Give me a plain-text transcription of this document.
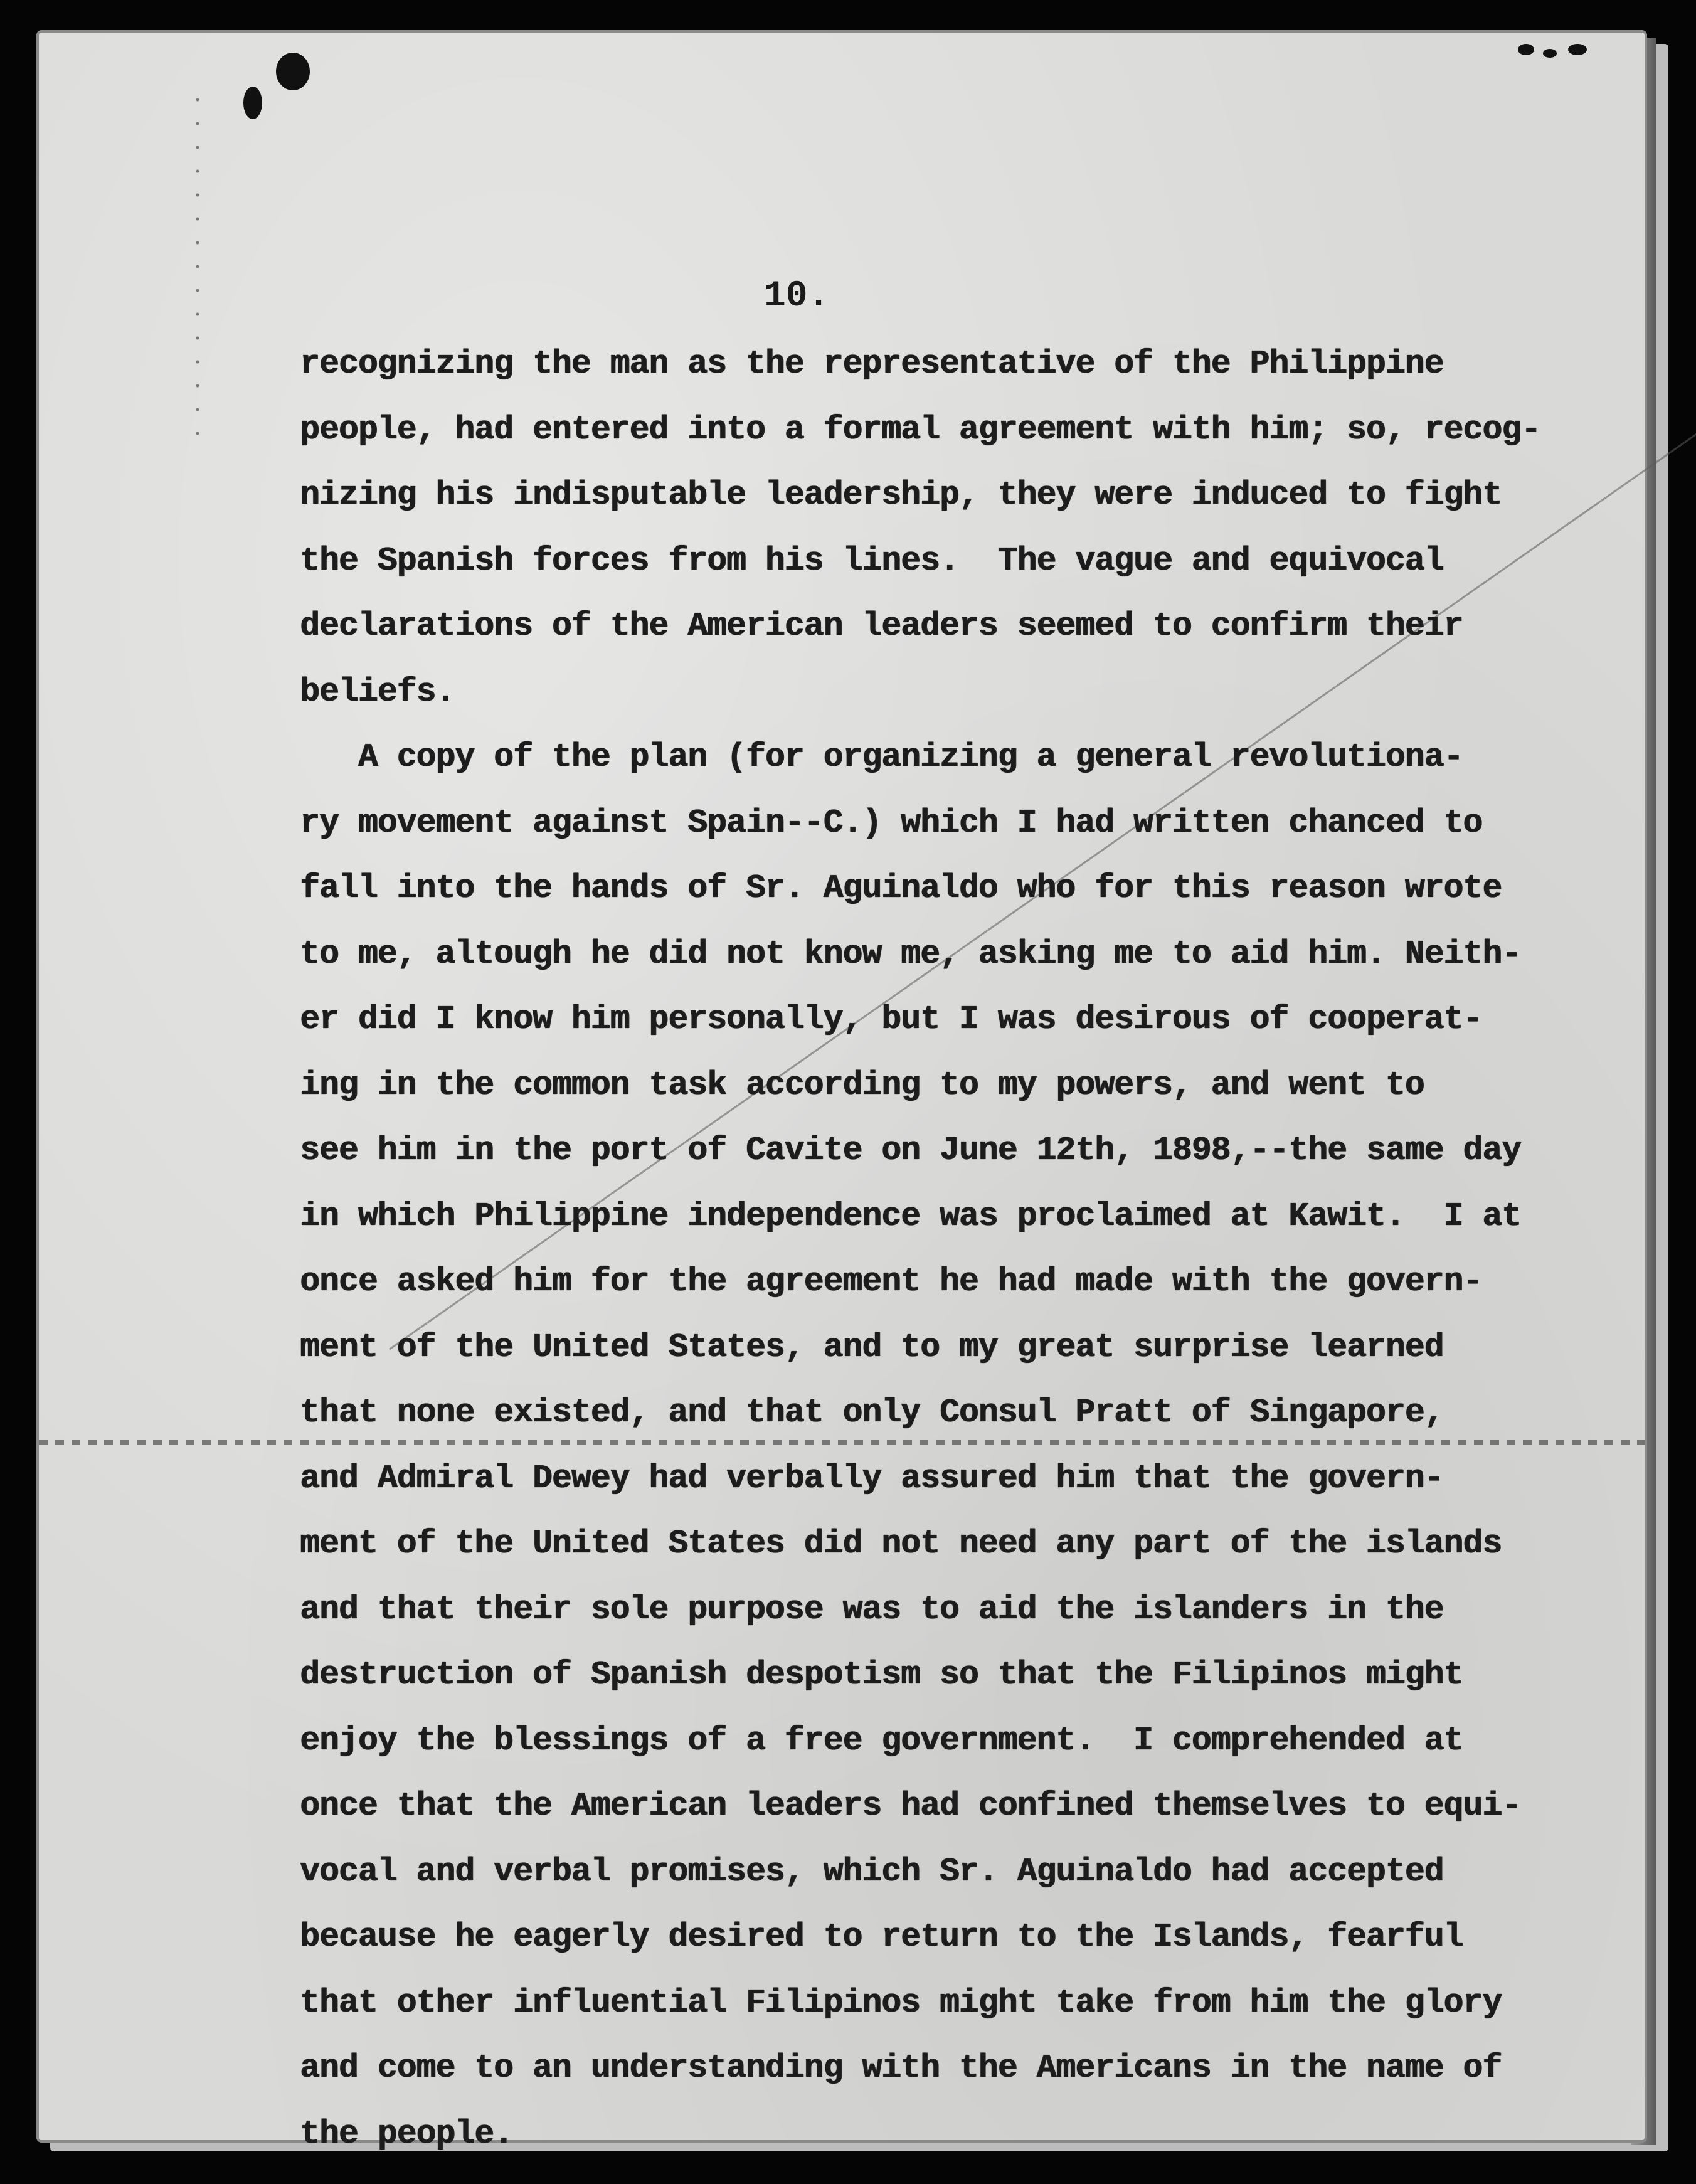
10.
recognizing the man as the representative of the Philippine
people, had entered into a formal agreement with him; so, recog-
nizing his indisputable leadership, they were induced to fight
the Spanish forces from his lines.  The vague and equivocal
declarations of the American leaders seemed to confirm their
beliefs.
A copy of the plan (for organizing a general revolutiona-
ry movement against Spain--C.) which I had written chanced to
fall into the hands of Sr. Aguinaldo who for this reason wrote
to me, altough he did not know me, asking me to aid him. Neith-
er did I know him personally, but I was desirous of cooperat-
ing in the common task according to my powers, and went to
see him in the port of Cavite on June 12th, 1898,--the same day
in which Philippine independence was proclaimed at Kawit.  I at
once asked him for the agreement he had made with the govern-
ment of the United States, and to my great surprise learned
that none existed, and that only Consul Pratt of Singapore,
and Admiral Dewey had verbally assured him that the govern-
ment of the United States did not need any part of the islands
and that their sole purpose was to aid the islanders in the
destruction of Spanish despotism so that the Filipinos might
enjoy the blessings of a free government.  I comprehended at
once that the American leaders had confined themselves to equi-
vocal and verbal promises, which Sr. Aguinaldo had accepted
because he eagerly desired to return to the Islands, fearful
that other influential Filipinos might take from him the glory
and come to an understanding with the Americans in the name of
the people.
